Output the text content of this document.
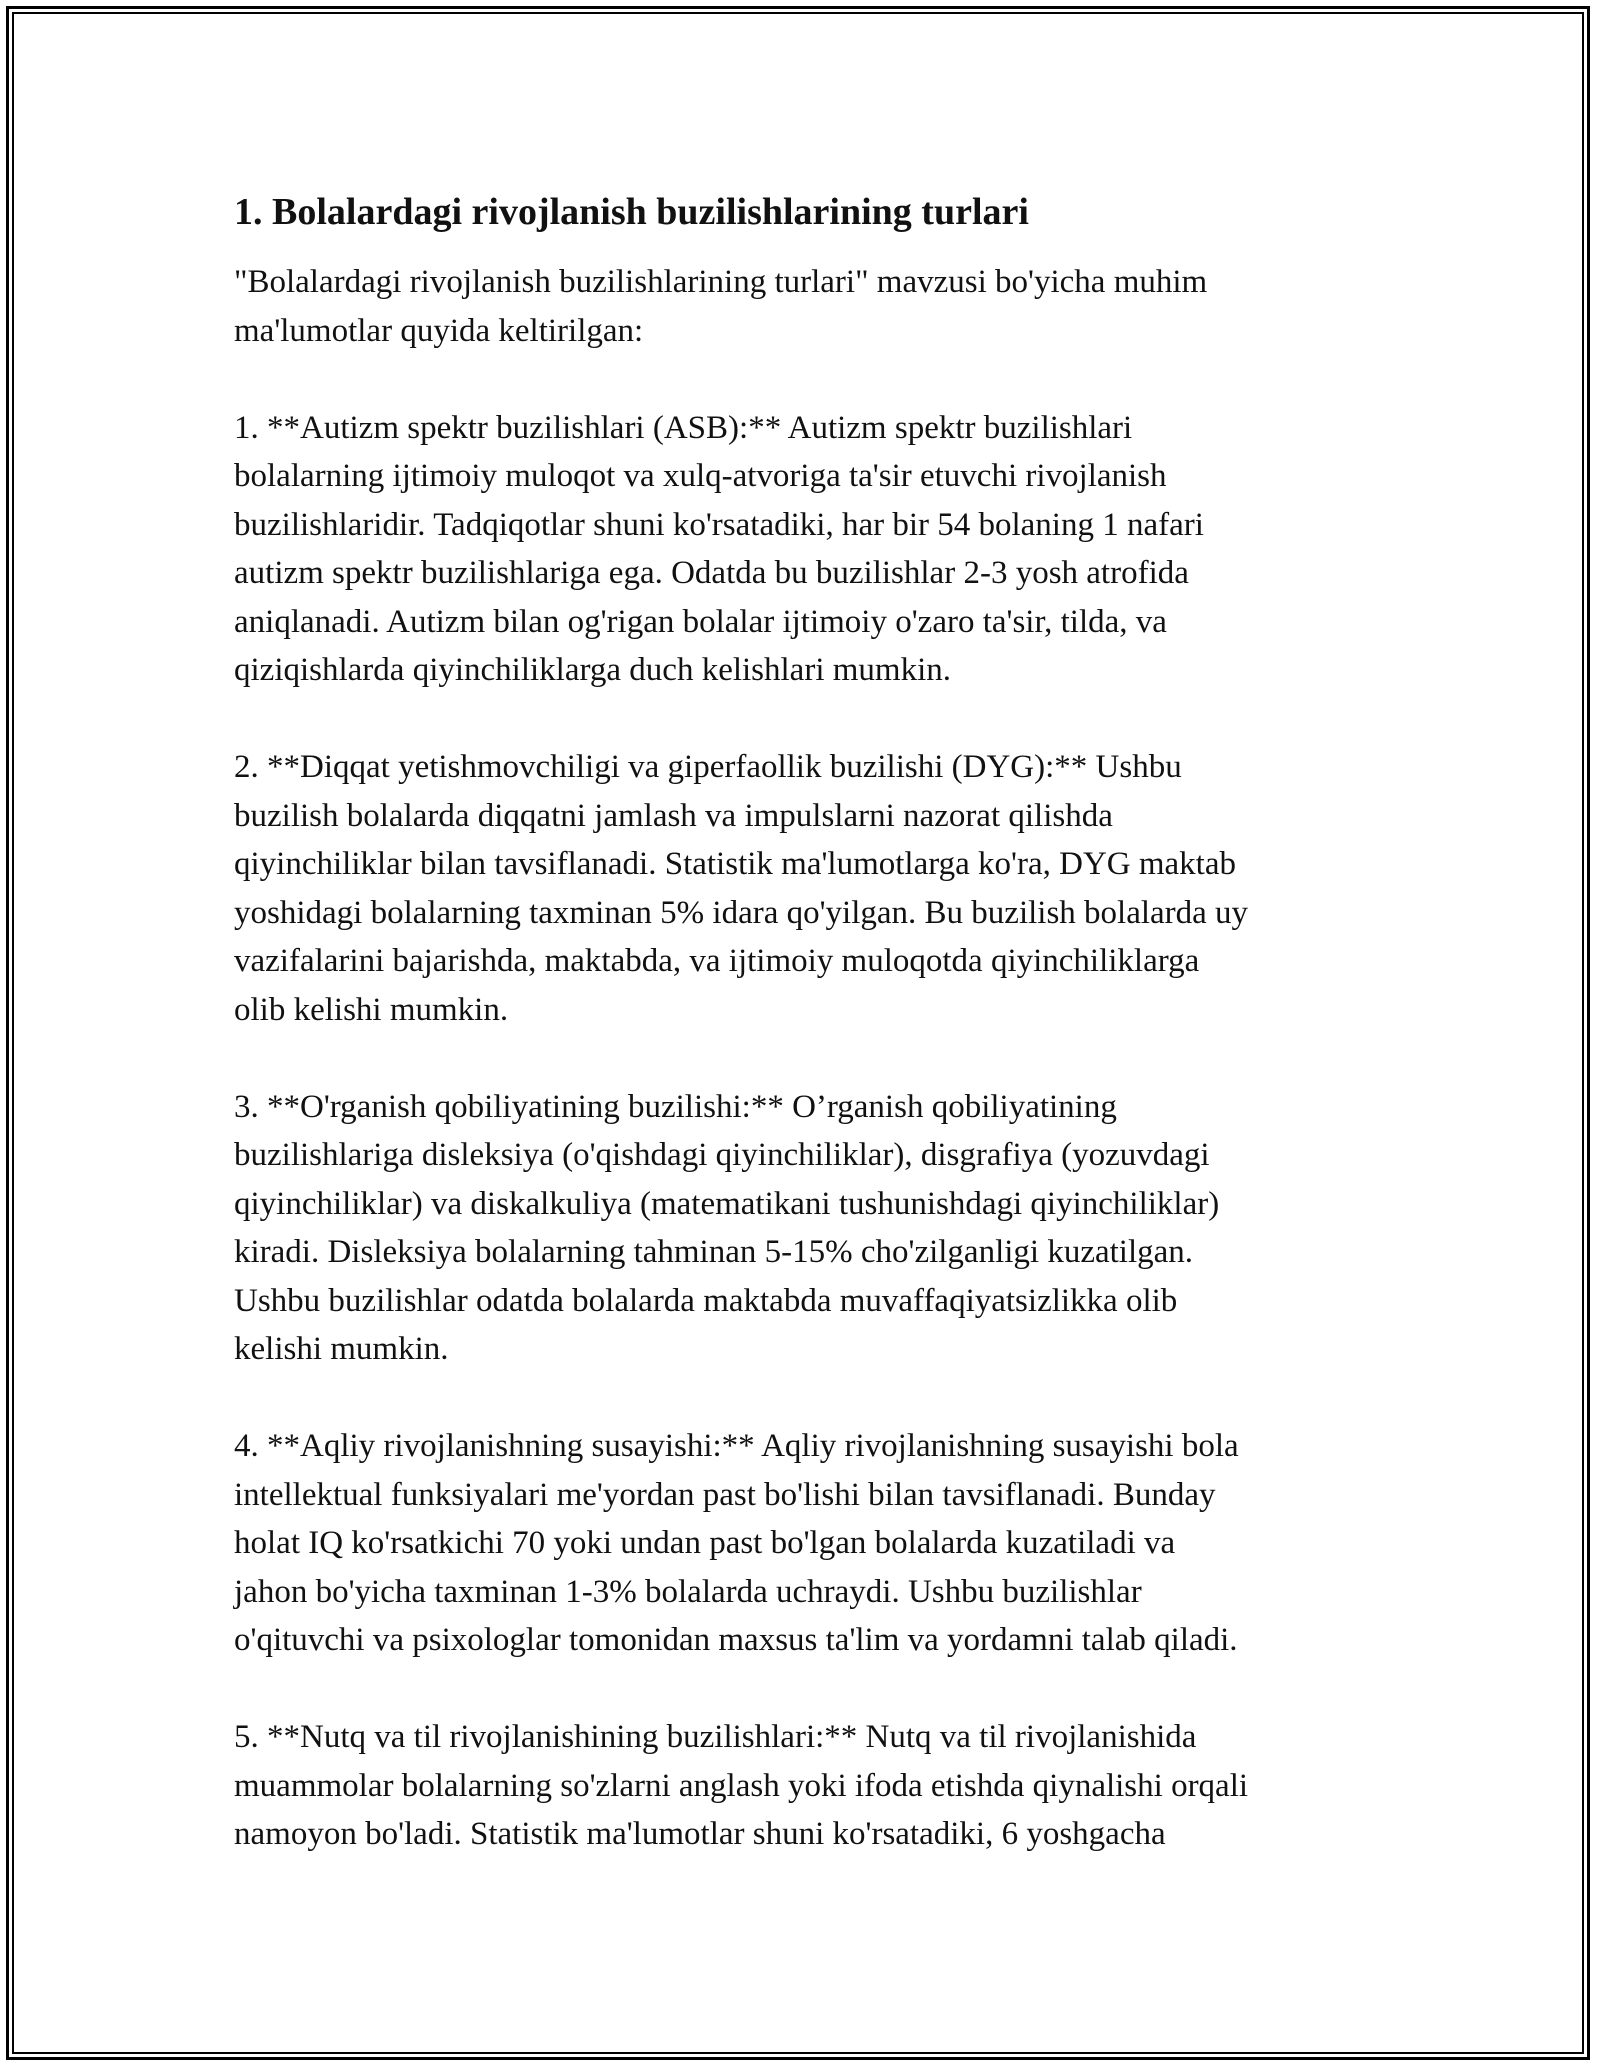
1. Bolalardagi rivojlanish buzilishlarining turlari

"Bolalardagi rivojlanish buzilishlarining turlari" mavzusi bo'yicha muhim
ma'lumotlar quyida keltirilgan:

1. **Autizm spektr buzilishlari (ASB):** Autizm spektr buzilishlari
bolalarning ijtimoiy muloqot va xulq-atvoriga ta'sir etuvchi rivojlanish
buzilishlaridir. Tadqiqotlar shuni ko'rsatadiki, har bir 54 bolaning 1 nafari
autizm spektr buzilishlariga ega. Odatda bu buzilishlar 2-3 yosh atrofida
aniqlanadi. Autizm bilan og'rigan bolalar ijtimoiy o'zaro ta'sir, tilda, va
qiziqishlarda qiyinchiliklarga duch kelishlari mumkin.

2. **Diqqat yetishmovchiligi va giperfaollik buzilishi (DYG):** Ushbu
buzilish bolalarda diqqatni jamlash va impulslarni nazorat qilishda
qiyinchiliklar bilan tavsiflanadi. Statistik ma'lumotlarga ko'ra, DYG maktab
yoshidagi bolalarning taxminan 5% idara qo'yilgan. Bu buzilish bolalarda uy
vazifalarini bajarishda, maktabda, va ijtimoiy muloqotda qiyinchiliklarga
olib kelishi mumkin.

3. **O'rganish qobiliyatining buzilishi:** O’rganish qobiliyatining
buzilishlariga disleksiya (o'qishdagi qiyinchiliklar), disgrafiya (yozuvdagi
qiyinchiliklar) va diskalkuliya (matematikani tushunishdagi qiyinchiliklar)
kiradi. Disleksiya bolalarning tahminan 5-15% cho'zilganligi kuzatilgan.
Ushbu buzilishlar odatda bolalarda maktabda muvaffaqiyatsizlikka olib
kelishi mumkin.

4. **Aqliy rivojlanishning susayishi:** Aqliy rivojlanishning susayishi bola
intellektual funksiyalari me'yordan past bo'lishi bilan tavsiflanadi. Bunday
holat IQ ko'rsatkichi 70 yoki undan past bo'lgan bolalarda kuzatiladi va
jahon bo'yicha taxminan 1-3% bolalarda uchraydi. Ushbu buzilishlar
o'qituvchi va psixologlar tomonidan maxsus ta'lim va yordamni talab qiladi.

5. **Nutq va til rivojlanishining buzilishlari:** Nutq va til rivojlanishida
muammolar bolalarning so'zlarni anglash yoki ifoda etishda qiynalishi orqali
namoyon bo'ladi. Statistik ma'lumotlar shuni ko'rsatadiki, 6 yoshgacha
